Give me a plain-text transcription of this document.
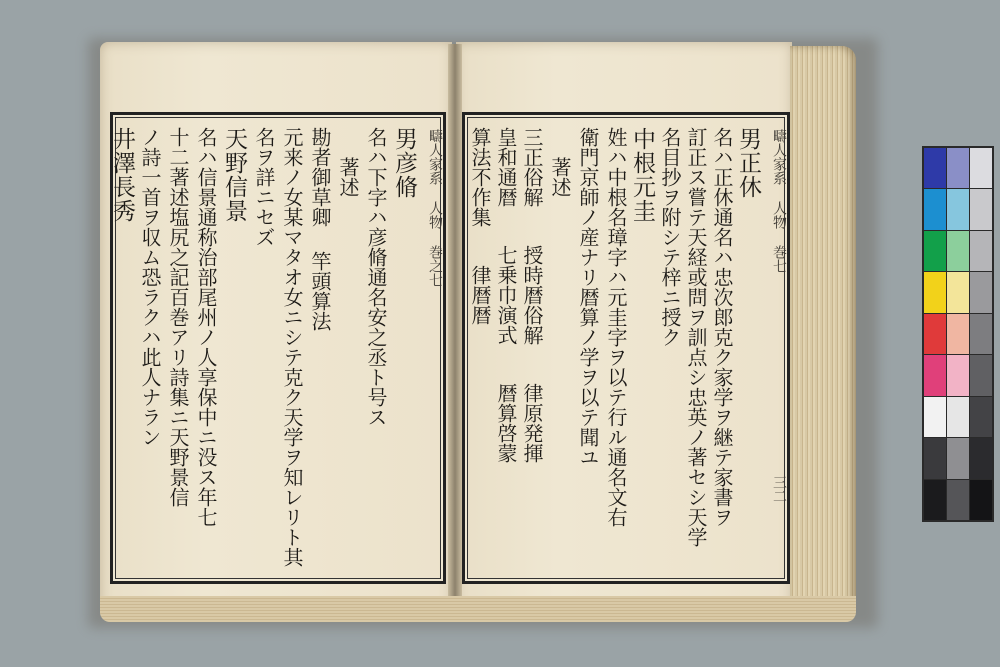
疇人家系 人物 巻之七
男彦脩
名ハ下字ハ彦脩通名安之丞ト号ス
著述
勘者御草卿 竿頭算法
元来ノ女某マタオ女ニシテ克ク天学ヲ知レリト其
名ヲ詳ニセズ
天野信景
名ハ信景通称治部尾州ノ人享保中ニ没ス年七
十二著述塩尻之記百巻アリ詩集ニ天野景信
ノ詩一首ヲ収ム恐ラクハ此人ナラン
井澤長秀	疇人家系 人物 巻七
三二
男正休
名ハ正休通名ハ忠次郎克ク家学ヲ継テ家書ヲ
訂正ス嘗テ天経或問ヲ訓点シ忠英ノ著セシ天学
名目抄ヲ附シテ梓ニ授ク
中根元圭
姓ハ中根名璋字ハ元圭字ヲ以テ行ル通名文右
衛門京師ノ産ナリ暦算ノ学ヲ以テ聞ユ
著述
三正俗解 授時暦俗解 律原発揮
皇和通暦 七乗巾演式 暦算啓蒙
算法不作集 律暦暦
